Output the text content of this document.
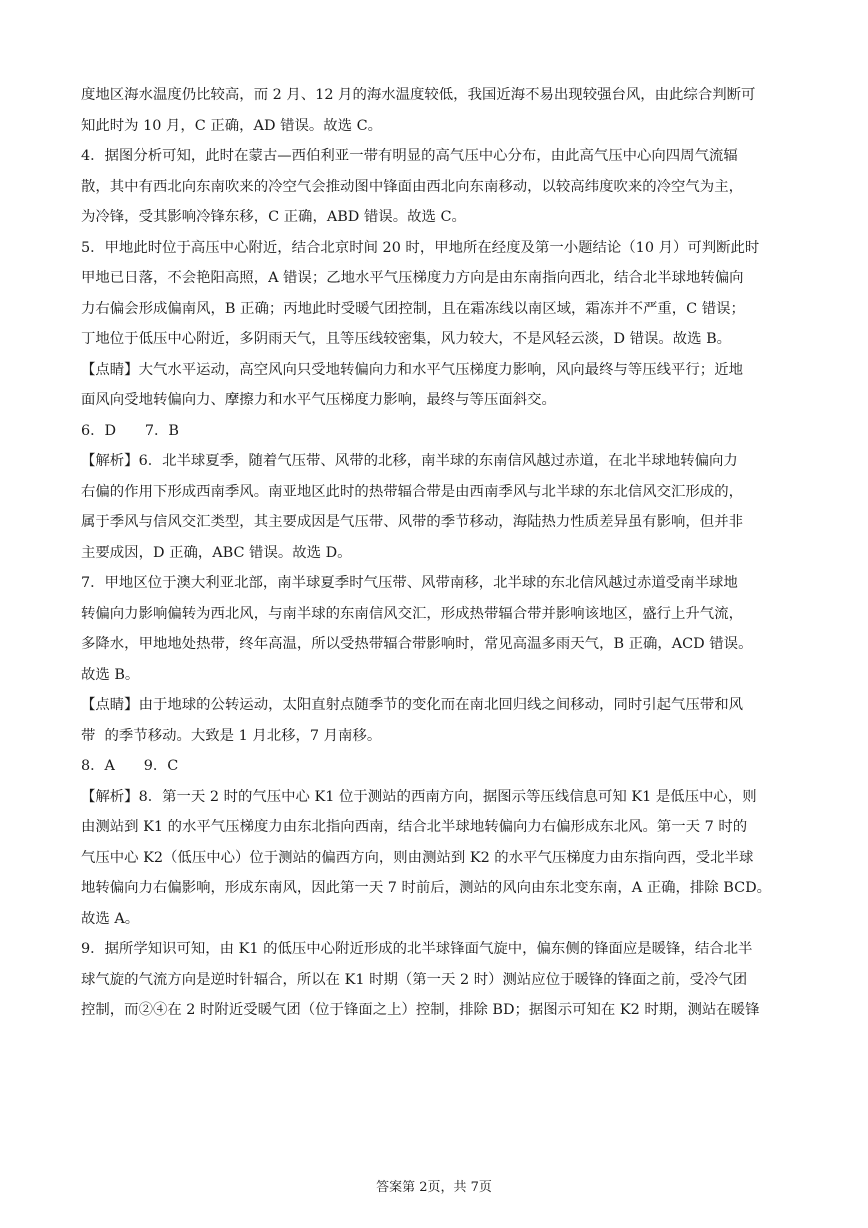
度地区海水温度仍比较高，而 2 月、12 月的海水温度较低，我国近海不易出现较强台风，由此综合判断可
知此时为 10 月，C 正确，AD 错误。故选 C。

4．据图分析可知，此时在蒙古—西伯利亚一带有明显的高气压中心分布，由此高气压中心向四周气流辐
散，其中有西北向东南吹来的冷空气会推动图中锋面由西北向东南移动，以较高纬度吹来的冷空气为主，
为冷锋，受其影响冷锋东移，C 正确，ABD 错误。故选 C。

5．甲地此时位于高压中心附近，结合北京时间 20 时，甲地所在经度及第一小题结论（10 月）可判断此时
甲地已日落，不会艳阳高照，A 错误；乙地水平气压梯度力方向是由东南指向西北，结合北半球地转偏向
力右偏会形成偏南风，B 正确；丙地此时受暖气团控制，且在霜冻线以南区域，霜冻并不严重，C 错误；
丁地位于低压中心附近，多阴雨天气，且等压线较密集，风力较大，不是风轻云淡，D 错误。故选 B。

【点睛】大气水平运动，高空风向只受地转偏向力和水平气压梯度力影响，风向最终与等压线平行；近地
面风向受地转偏向力、摩擦力和水平气压梯度力影响，最终与等压面斜交。

6．D　　7．B

【解析】6．北半球夏季，随着气压带、风带的北移，南半球的东南信风越过赤道，在北半球地转偏向力
右偏的作用下形成西南季风。南亚地区此时的热带辐合带是由西南季风与北半球的东北信风交汇形成的，
属于季风与信风交汇类型，其主要成因是气压带、风带的季节移动，海陆热力性质差异虽有影响，但并非
主要成因，D 正确，ABC 错误。故选 D。

7．甲地区位于澳大利亚北部，南半球夏季时气压带、风带南移，北半球的东北信风越过赤道受南半球地
转偏向力影响偏转为西北风，与南半球的东南信风交汇，形成热带辐合带并影响该地区，盛行上升气流，
多降水，甲地地处热带，终年高温，所以受热带辐合带影响时，常见高温多雨天气，B 正确，ACD 错误。
故选 B。

【点睛】由于地球的公转运动，太阳直射点随季节的变化而在南北回归线之间移动，同时引起气压带和风
带  的季节移动。大致是 1 月北移，7 月南移。

8．A　　9．C

【解析】8．第一天 2 时的气压中心 K1 位于测站的西南方向，据图示等压线信息可知 K1 是低压中心，则
由测站到 K1 的水平气压梯度力由东北指向西南，结合北半球地转偏向力右偏形成东北风。第一天 7 时的
气压中心 K2（低压中心）位于测站的偏西方向，则由测站到 K2 的水平气压梯度力由东指向西，受北半球
地转偏向力右偏影响，形成东南风，因此第一天 7 时前后，测站的风向由东北变东南，A 正确，排除 BCD。
故选 A。

9．据所学知识可知，由 K1 的低压中心附近形成的北半球锋面气旋中，偏东侧的锋面应是暖锋，结合北半
球气旋的气流方向是逆时针辐合，所以在 K1 时期（第一天 2 时）测站应位于暖锋的锋面之前，受冷气团
控制，而②④在 2 时附近受暖气团（位于锋面之上）控制，排除 BD；据图示可知在 K2 时期，测站在暖锋

答案第 2页，共 7页
